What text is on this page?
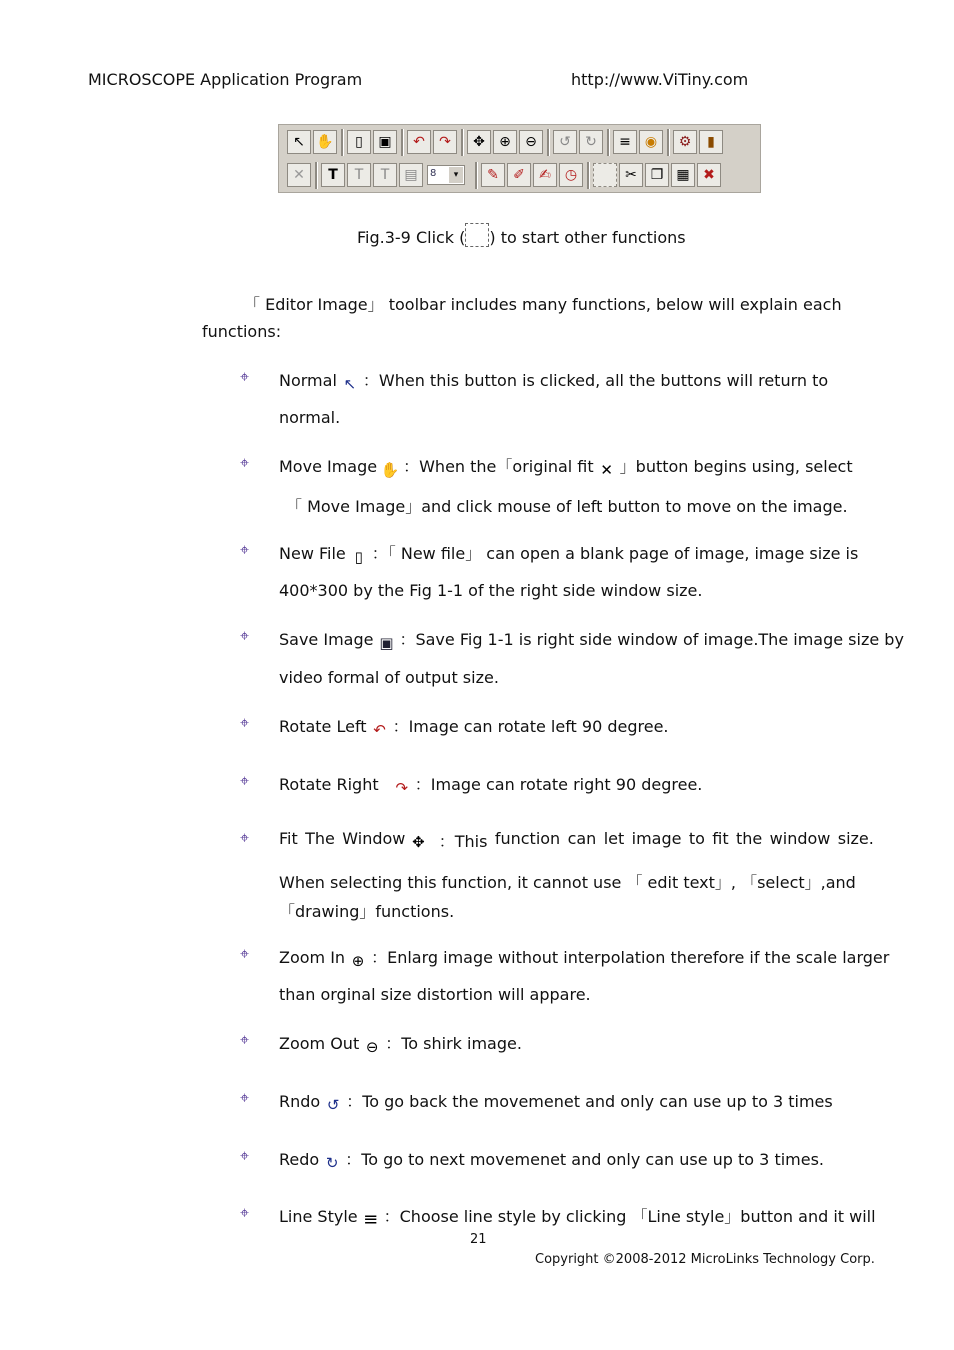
MICROSCOPE Application Program	http://www.ViTiny.com
↖ ✋	▯	▣	↶	↷	✥	⊕	⊖	↺	↻	≡	◉	⚙	▮
✕	T	T	T	▤	8	▾	✎	✐	✍	◷	✂ ❐ ▦ ✖
Fig.3-9 Click ( ) to start other functions
「 Editor Image」 toolbar includes many functions, below will explain each
functions:
⌖	Normal ↖ ：When this button is clicked, all the buttons will return to
normal.
⌖	Move Image ✋ ：When the「original fit ✕ 」button begins using, select
「 Move Image」and click mouse of left button to move on the image.
⌖	New File ▯ ：「 New file」 can open a blank page of image, image size is
400*300 by the Fig 1-1 of the right side window size.
⌖	Save Image ▣ ：Save Fig 1-1 is right side window of image.The image size by
video formal of output size.
⌖	Rotate Left ↶ ：Image can rotate left 90 degree.
⌖	Rotate Right ↷ ：Image can rotate right 90 degree.
⌖	Fit The Window ✥ ：This function can let image to fit the window size.
When selecting this function, it cannot use 「 edit text」, 「select」,and
「drawing」functions.
⌖	Zoom In ⊕ ：Enlarg image without interpolation therefore if the scale larger
than orginal size distortion will appare.
⌖	Zoom Out ⊖ ：To shirk image.
⌖	Rndo ↺ ：To go back the movemenet and only can use up to 3 times
⌖	Redo ↻ ：To go to next movemenet and only can use up to 3 times.
⌖	Line Style ≡ ：Choose line style by clicking 「Line style」button and it will
21
Copyright ©2008-2012 MicroLinks Technology Corp.
